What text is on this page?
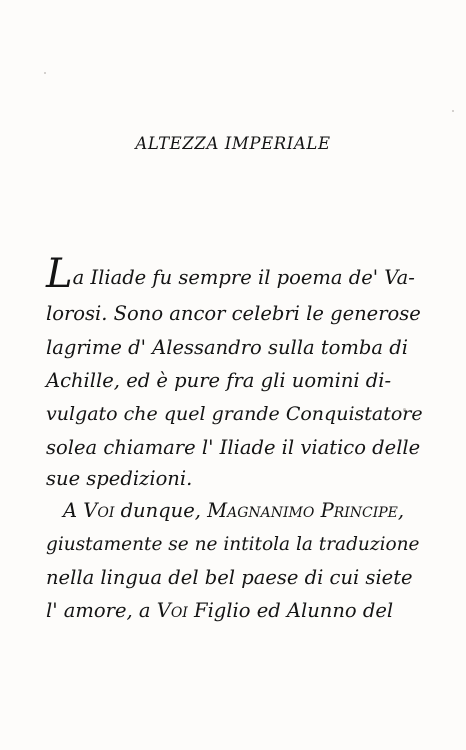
ALTEZZA IMPERIALE
La Iliade fu sempre il poema de' Va-
lorosi. Sono ancor celebri le generose
lagrime d' Alessandro sulla tomba di
Achille, ed è pure fra gli uomini di-
vulgato che quel grande Conquistatore
solea chiamare l' Iliade il viatico delle
sue spedizioni.
A Voi dunque, Magnanimo Principe,
giustamente se ne intitola la traduzione
nella lingua del bel paese di cui siete
l' amore, a Voi Figlio ed Alunno del
